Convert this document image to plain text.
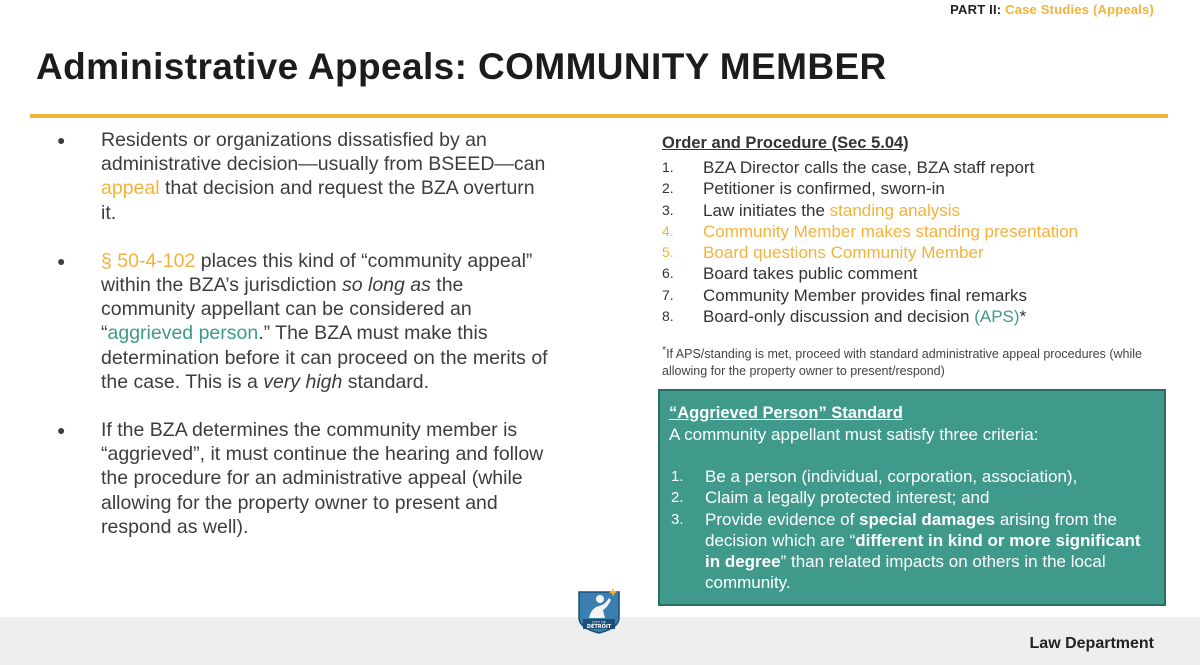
PART II: Case Studies (Appeals)
Administrative Appeals: COMMUNITY MEMBER
●	Residents or organizations dissatisfied by an administrative decision—usually from BSEED—can appeal that decision and request the BZA overturn it.
●	§ 50-4-102 places this kind of “community appeal” within the BZA’s jurisdiction so long as the community appellant can be considered an “aggrieved person.” The BZA must make this determination before it can proceed on the merits of the case. This is a very high standard.
●	If the BZA determines the community member is “aggrieved”, it must continue the hearing and follow the procedure for an administrative appeal (while allowing for the property owner to present and respond as well).
Order and Procedure (Sec 5.04)
1.	BZA Director calls the case, BZA staff report
2.	Petitioner is confirmed, sworn-in
3.	Law initiates the standing analysis
4.	Community Member makes standing presentation
5.	Board questions Community Member
6.	Board takes public comment
7.	Community Member provides final remarks
8.	Board-only discussion and decision (APS)*
*If APS/standing is met, proceed with standard administrative appeal procedures (while allowing for the property owner to present/respond)
“Aggrieved Person” Standard
A community appellant must satisfy three criteria:
1.	Be a person (individual, corporation, association),
2.	Claim a legally protected interest; and
3.	Provide evidence of special damages arising from the decision which are “different in kind or more significant in degree” than related impacts on others in the local community.
Law Department
CITY OF
DETROIT
